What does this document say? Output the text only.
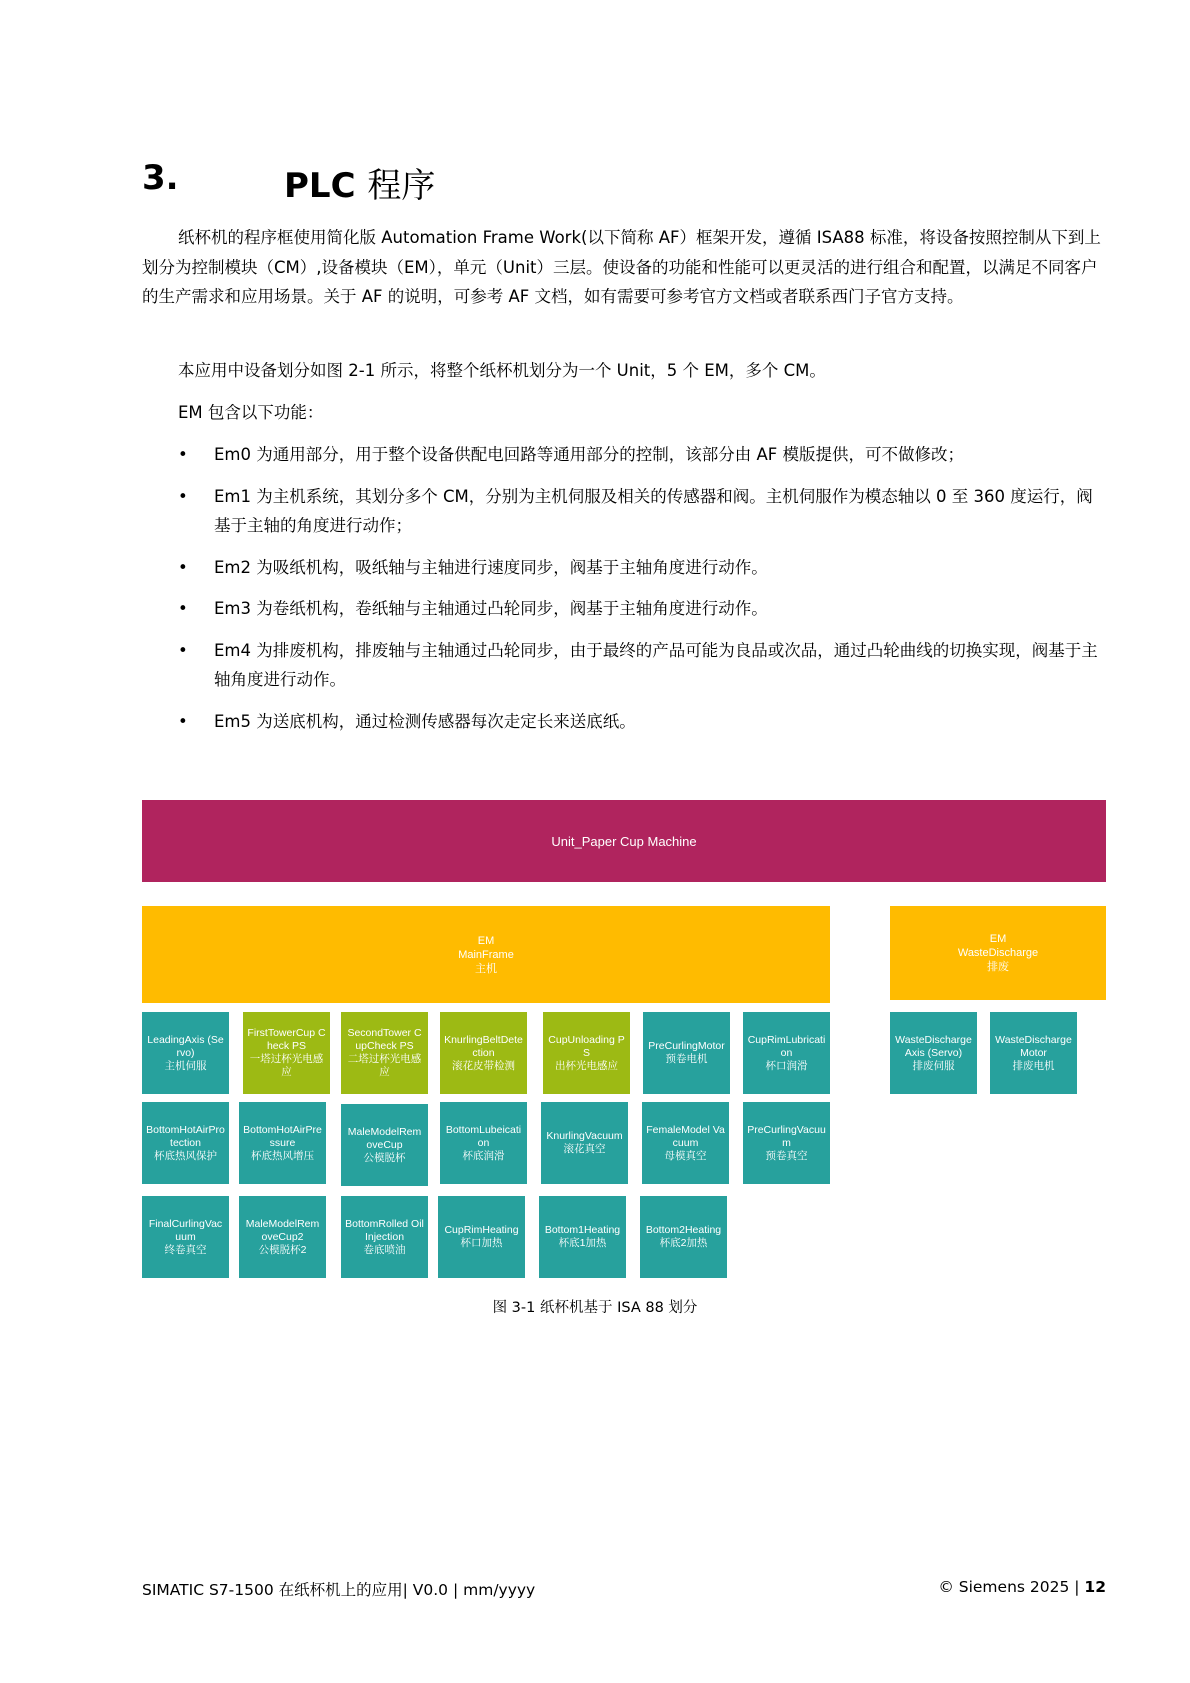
3.	PLC 程序
纸杯机的程序框使用简化版 Automation Frame Work(以下简称 AF）框架开发，遵循 ISA88 标准，将设备按照控制从下到上划分为控制模块（CM）,设备模块（EM），单元（Unit）三层。使设备的功能和性能可以更灵活的进行组合和配置，以满足不同客户的生产需求和应用场景。关于 AF 的说明，可参考 AF 文档，如有需要可参考官方文档或者联系西门子官方支持。
本应用中设备划分如图 2-1 所示，将整个纸杯机划分为一个 Unit，5 个 EM，多个 CM。
EM 包含以下功能：
• Em0 为通用部分，用于整个设备供配电回路等通用部分的控制，该部分由 AF 模版提供，可不做修改；
• Em1 为主机系统，其划分多个 CM，分别为主机伺服及相关的传感器和阀。主机伺服作为模态轴以 0 至 360 度运行，阀基于主轴的角度进行动作；
• Em2 为吸纸机构，吸纸轴与主轴进行速度同步，阀基于主轴角度进行动作。
• Em3 为卷纸机构，卷纸轴与主轴通过凸轮同步，阀基于主轴角度进行动作。
• Em4 为排废机构，排废轴与主轴通过凸轮同步，由于最终的产品可能为良品或次品，通过凸轮曲线的切换实现，阀基于主轴角度进行动作。
• Em5 为送底机构，通过检测传感器每次走定长来送底纸。
Unit_Paper Cup Machine
EM
MainFrame
主机
EM
WasteDischarge
排废
LeadingAxis (Servo)
主机伺服
FirstTowerCup Check PS
一塔过杯光电感应
SecondTower CupCheck PS
二塔过杯光电感应
KnurlingBeltDetection
滚花皮带检测
CupUnloading PS
出杯光电感应
PreCurlingMotor
预卷电机
CupRimLubrication
杯口润滑
BottomHotAirProtection
杯底热风保护
BottomHotAirPressure
杯底热风增压
MaleModelRemoveCup
公模脱杯
BottomLubeication
杯底润滑
KnurlingVacuum
滚花真空
FemaleModel Vacuum
母模真空
PreCurlingVacuum
预卷真空
FinalCurlingVacuum
终卷真空
MaleModelRemoveCup2
公模脱杯2
BottomRolled OilInjection
卷底喷油
CupRimHeating
杯口加热
Bottom1Heating
杯底1加热
Bottom2Heating
杯底2加热
WasteDischargeAxis (Servo)
排废伺服
WasteDischargeMotor
排废电机
图 3-1 纸杯机基于 ISA 88 划分
SIMATIC S7-1500 在纸杯机上的应用| V0.0 | mm/yyyy	© Siemens 2025 | 12
